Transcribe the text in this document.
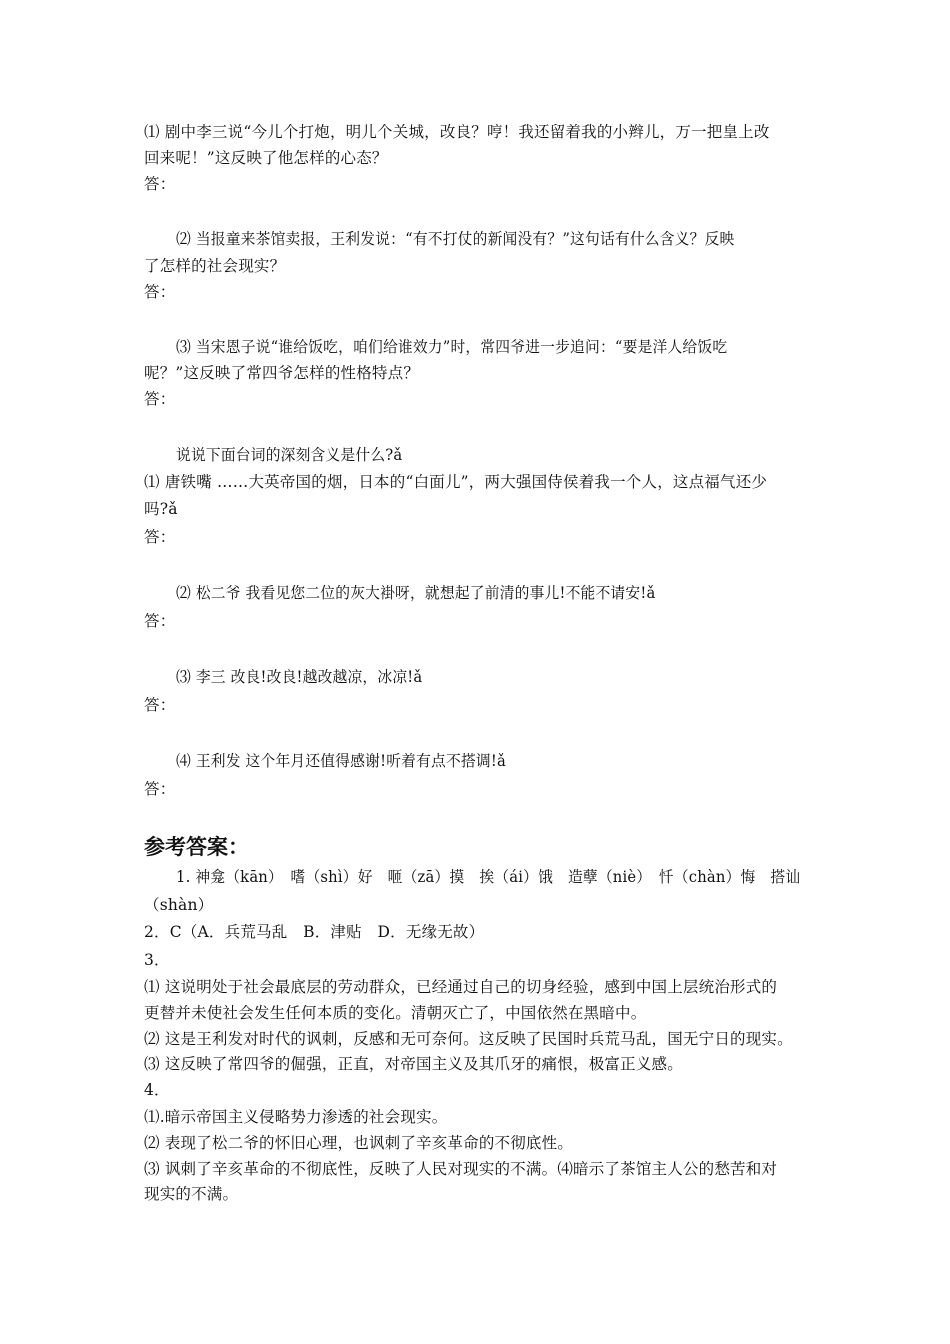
⑴ 剧中李三说“今儿个打炮，明儿个关城，改良？哼！我还留着我的小辫儿，万一把皇上改
回来呢！”这反映了他怎样的心态？
答：
⑵ 当报童来茶馆卖报，王利发说：“有不打仗的新闻没有？”这句话有什么含义？反映
了怎样的社会现实？
答：
⑶ 当宋恩子说“谁给饭吃，咱们给谁效力”时，常四爷进一步追问：“要是洋人给饭吃
呢？”这反映了常四爷怎样的性格特点？
答：
说说下面台词的深刻含义是什么?ǎ
⑴ 唐铁嘴 ……大英帝国的烟，日本的“白面儿”，两大强国侍侯着我一个人，这点福气还少
吗?ǎ
答：
⑵ 松二爷 我看见您二位的灰大褂呀，就想起了前清的事儿!不能不请安!ǎ
答：
⑶ 李三 改良!改良!越改越凉，冰凉!ǎ
答：
⑷ 王利发 这个年月还值得感谢!听着有点不搭调!ǎ
答：
参考答案：
1. 神龛（kān）　嗜（shì）好　咂（zā）摸　挨（ái）饿　造孽（niè）　忏（chàn）悔　搭讪
（shàn）
2．C（A．兵荒马乱　B．津贴　D．无缘无故）
3．
⑴ 这说明处于社会最底层的劳动群众，已经通过自己的切身经验，感到中国上层统治形式的
更替并未使社会发生任何本质的变化。清朝灭亡了，中国依然在黑暗中。
⑵ 这是王利发对时代的讽刺，反感和无可奈何。这反映了民国时兵荒马乱，国无宁日的现实。
⑶ 这反映了常四爷的倔强，正直，对帝国主义及其爪牙的痛恨，极富正义感。
4．
⑴.暗示帝国主义侵略势力渗透的社会现实。
⑵ 表现了松二爷的怀旧心理，也讽刺了辛亥革命的不彻底性。
⑶ 讽刺了辛亥革命的不彻底性，反映了人民对现实的不满。⑷暗示了茶馆主人公的愁苦和对
现实的不满。
